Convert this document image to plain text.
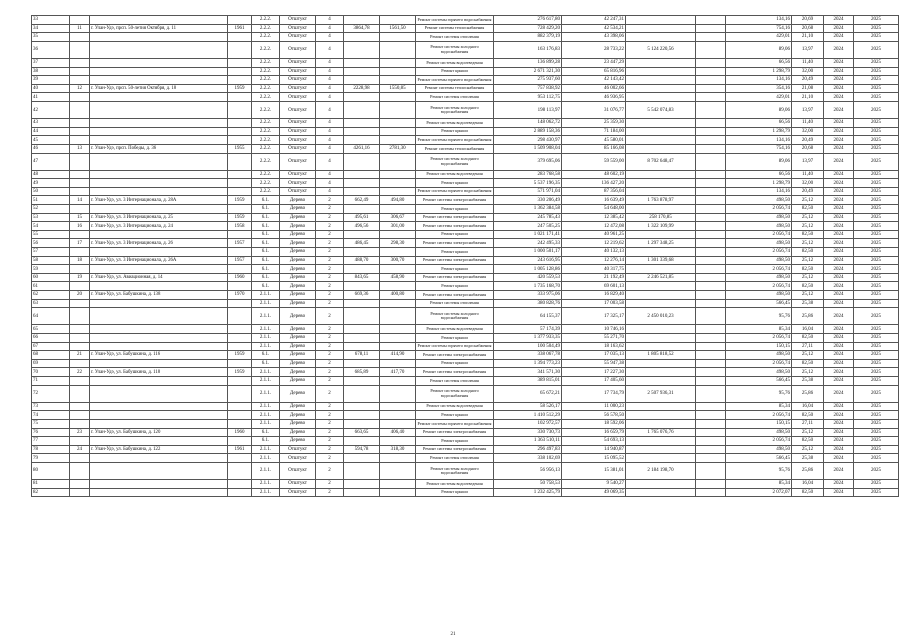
33				2.2.2.	Отштукт	4			Ремонт системы горячего водоснабжения	276 617,80	42 247,31			134,16	20,69	2024	2025
34	11	г. Улан-Удэ, прсп. 50-летия Октября, д. 11	1961	2.2.2.	Отштукт	4	3864,78	1561,50	Ремонт системы теплоснабжения	728 429,20	42 534,21			754,16	20,68	2024	2025
35				2.2.2.	Отштукт	4			Ремонт системы отопления	882 379,19	43 398,06			429,01	21,10	2024	2025
36				2.2.2.	Отштукт	4			Ремонт системы холодного водоснабжения	163 176,83	28 733,22	5 124 220,56		89,06	13,97	2024	2025
37				2.2.2.	Отштукт	4			Ремонт системы водоотведения	136 899,28	23 447,29			66,56	11,40	2024	2025
38				2.2.2.	Отштукт	4			Ремонт крыши	2 671 321,30	65 816,96			1 298,79	32,00	2024	2025
39				2.2.2.	Отштукт	4			Ремонт системы горячего водоснабжения	275 937,60	42 143,42			134,16	20,49	2024	2025
40	12	г. Улан-Удэ, прсп. 50-летия Октября, д. 18	1959	2.2.2.	Отштукт	4	2228,98	1550,85	Ремонт системы теплоснабжения	757 838,92	46 002,66			354,16	21,08	2024	2025
41				2.2.2.	Отштукт	4			Ремонт системы отопления	953 112,75	46 936,95			429,01	21,10	2024	2025
42				2.2.2.	Отштукт	4			Ремонт системы холодного водоснабжения	198 113,97	31 076,77	5 542 074,83		89,06	13,97	2024	2025
43				2.2.2.	Отштукт	4			Ремонт системы водоотведения	148 062,72	25 359,30			66,56	11,40	2024	2025
44				2.2.2.	Отштукт	4			Ремонт крыши	2 889 158,36	71 184,00			1 298,79	32,00	2024	2025
45				2.2.2.	Отштукт	4			Ремонт системы горячего водоснабжения	298 430,97	45 580,01			134,16	20,49	2024	2025
46	13	г. Улан-Удэ, прсп. Победы, д. 36	1955	2.2.2.	Отштукт	4	4261,16	2781,30	Ремонт системы теплоснабжения	1 509 908,04	85 166,08			754,16	20,68	2024	2025
47				2.2.2.	Отштукт	4			Ремонт системы холодного водоснабжения	379 695,06	59 559,00	8 702 648,47		89,06	13,97	2024	2025
48				2.2.2.	Отштукт	4			Ремонт системы водоотведения	283 768,58	48 602,19			66,56	11,40	2024	2025
49				2.2.2.	Отштукт	4			Ремонт крыши	5 537 196,35	136 427,20			1 298,79	32,00	2024	2025
50				2.2.2.	Отштукт	4			Ремонт системы горячего водоснабжения	571 971,04	87 356,04			134,16	20,49	2024	2025
51	14	г. Улан-Удэ, ул. 3 Интернационала, д. 28А	1959	6.1.	Дерево	2	662,49	494,80	Ремонт системы электроснабжения	330 206,49	16 639,49	1 763 878,97		498,50	25,12	2024	2025
52				6.1.	Дерево	2			Ремонт крыши	1 362 384,58	54 648,00			2 056,74	82,50	2024	2025
53	15	г. Улан-Удэ, ул. 3 Интернационала, д. 25	1959	6.1.	Дерево	2	495,61	306,67	Ремонт системы электроснабжения	245 785,43	12 385,42	258 170,85		498,50	25,12	2024	2025
54	16	г. Улан-Удэ, ул. 3 Интернационала, д. 24	1958	6.1.	Дерево	2	496,56	301,00	Ремонт системы электроснабжения	247 505,25	12 472,08	1 322 109,99		498,50	25,12	2024	2025
55				6.1.	Дерево	2			Ремонт крыши	1 021 171,41	40 961,25			2 056,74	82,50	2024	2025
56	17	г. Улан-Удэ, ул. 3 Интернационала, д. 26	1957	6.1.	Дерево	2	486,45	298,30	Ремонт системы электроснабжения	242 495,33	12 219,62	1 297 348,25		498,50	25,12	2024	2025
57				6.1.	Дерево	2			Ремонт крыши	1 000 501,17	40 132,13			2 056,74	82,50	2024	2025
58	18	г. Улан-Удэ, ул. 3 Интернационала, д. 26А	1957	6.1.	Дерево	2	488,70	300,70	Ремонт системы электроснабжения	243 616,95	12 276,14	1 301 339,68		498,50	25,12	2024	2025
59				6.1.	Дерево	2			Ремонт крыши	1 005 128,86	40 317,75			2 056,74	82,50	2024	2025
60	19	г. Улан-Удэ, ул. Авиационная, д. 14	1960	6.1.	Дерево	2	843,65	458,90	Ремонт системы электроснабжения	420 559,53	21 192,49	2 246 521,85		498,50	25,12	2024	2025
61				6.1.	Дерево	2			Ремонт крыши	1 735 168,70	69 601,13			2 056,74	82,50	2024	2025
62	20	г. Улан-Удэ, ул. Бабушкина, д. 138	1970	2.1.1.	Дерево	2	669,36	400,80	Ремонт системы электроснабжения	333 975,06	16 829,40			498,50	25,12	2024	2025
63				2.1.1.	Дерево	2			Ремонт системы отопления	380 828,76	17 003,58			566,45	25,38	2024	2025
64				2.1.1.	Дерево	2			Ремонт системы холодного водоснабжения	64 155,37	17 325,17	2 450 010,23		95,76	25,86	2024	2025
65				2.1.1.	Дерево	2			Ремонт системы водоотведения	57 174,39	10 746,16			85,34	16,04	2024	2025
66				2.1.1.	Дерево	2			Ремонт крыши	1 377 933,35	55 271,70			2 056,74	82,50	2024	2025
67				2.1.1.	Дерево	2			Ремонт системы горячего водоснабжения	100 504,49	18 163,62			150,15	27,11	2024	2025
68	21	г. Улан-Удэ, ул. Бабушкина, д. 116	1959	6.1.	Дерево	2	678,11	414,90	Ремонт системы электроснабжения	338 067,78	17 035,13	1 805 818,52		498,50	25,12	2024	2025
69				6.1.	Дерево	2			Ремонт крыши	1 394 773,23	55 947,38			2 056,74	82,50	2024	2025
70	22	г. Улан-Удэ, ул. Бабушкина, д. 118	1959	2.1.1.	Дерево	2	685,89	417,70	Ремонт системы электроснабжения	341 571,30	17 227,30			498,50	25,12	2024	2025
71				2.1.1.	Дерево	2			Ремонт системы отопления	389 815,01	17 405,60			566,45	25,38	2024	2025
72				2.1.1.	Дерево	2			Ремонт системы холодного водоснабжения	65 672,21	17 734,79	2 507 936,31		95,76	25,86	2024	2025
73				2.1.1.	Дерево	2			Ремонт системы водоотведения	58 526,17	11 000,23			85,34	16,04	2024	2025
74				2.1.1.	Дерево	2			Ремонт крыши	1 410 512,29	56 578,50			2 056,74	82,50	2024	2025
75				2.1.1.	Дерево	2			Ремонт системы горячего водоснабжения	102 972,57	18 592,06			150,15	27,11	2024	2025
76	23	г. Улан-Удэ, ул. Бабушкина, д. 120	1960	6.1.	Дерево	2	663,65	406,40	Ремонт системы электроснабжения	330 730,73	16 659,79	1 765 076,76		498,50	25,12	2024	2025
77				6.1.	Дерево	2			Ремонт крыши	1 363 510,11	54 693,13			2 056,74	82,50	2024	2025
78	24	г. Улан-Удэ, ул. Бабушкина, д. 122	1961	2.1.1.	Отштукт	2	594,78	318,30	Ремонт системы электроснабжения	296 497,83	14 940,87			498,50	25,12	2024	2025
79				2.1.1.	Отштукт	2			Ремонт системы отопления	338 102,69	15 095,52			566,45	25,38	2024	2025
80				2.1.1.	Отштукт	2			Ремонт системы холодного водоснабжения	56 956,13	15 381,01	2 184 198,70		95,76	25,86	2024	2025
81				2.1.1.	Отштукт	2			Ремонт системы водоотведения	50 758,53	9 540,27			85,34	16,04	2024	2025
82				2.1.1.	Отштукт	2			Ремонт крыши	1 232 425,79	49 069,35			2 072,07	82,50	2024	2025
21
